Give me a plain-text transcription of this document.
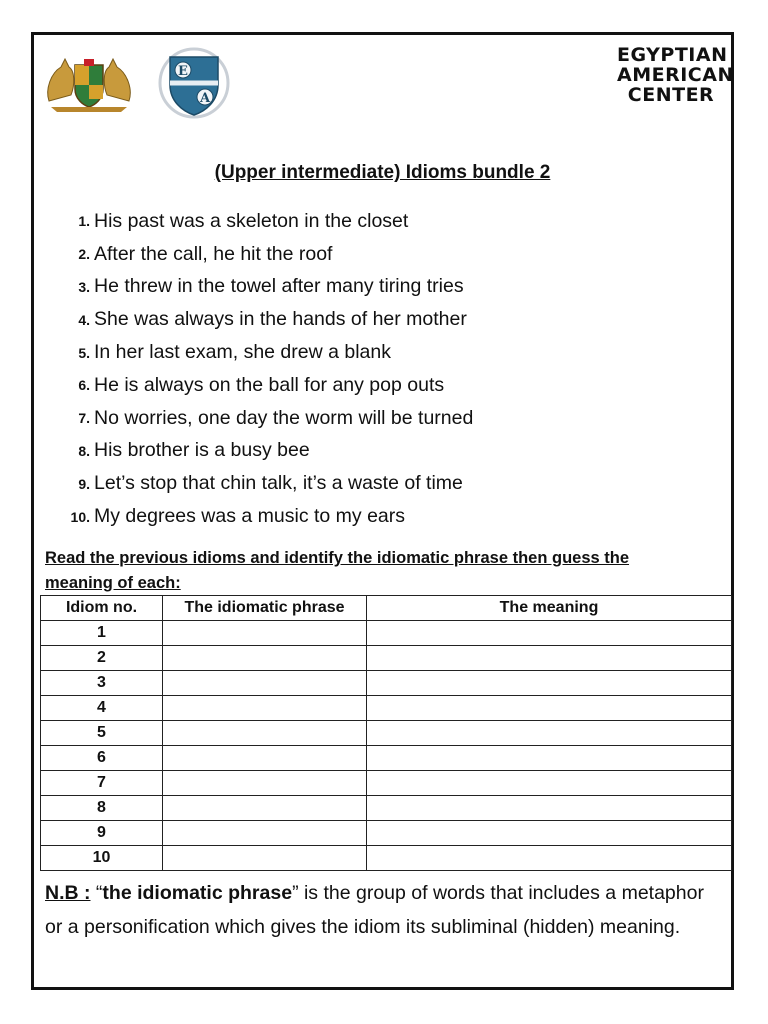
E
A
EGYPTIAN
AMERICAN
CENTER
(Upper intermediate) Idioms bundle 2
1. His past was a skeleton in the closet
2. After the call, he hit the roof
3. He threw in the towel after many tiring tries
4. She was always in the hands of her mother
5. In her last exam, she drew a blank
6. He is always on the ball for any pop outs
7. No worries, one day the worm will be turned
8. His brother is a busy bee
9. Let’s stop that chin talk, it’s a waste of time
10. My degrees was a music to my ears
Read the previous idioms and identify the idiomatic phrase then guess the meaning of each:
Idiom no.	The idiomatic phrase	The meaning
1		
2		
3		
4		
5		
6		
7		
8		
9		
10		
N.B : “the idiomatic phrase” is the group of words that includes a metaphor or a personification which gives the idiom its subliminal (hidden) meaning.
